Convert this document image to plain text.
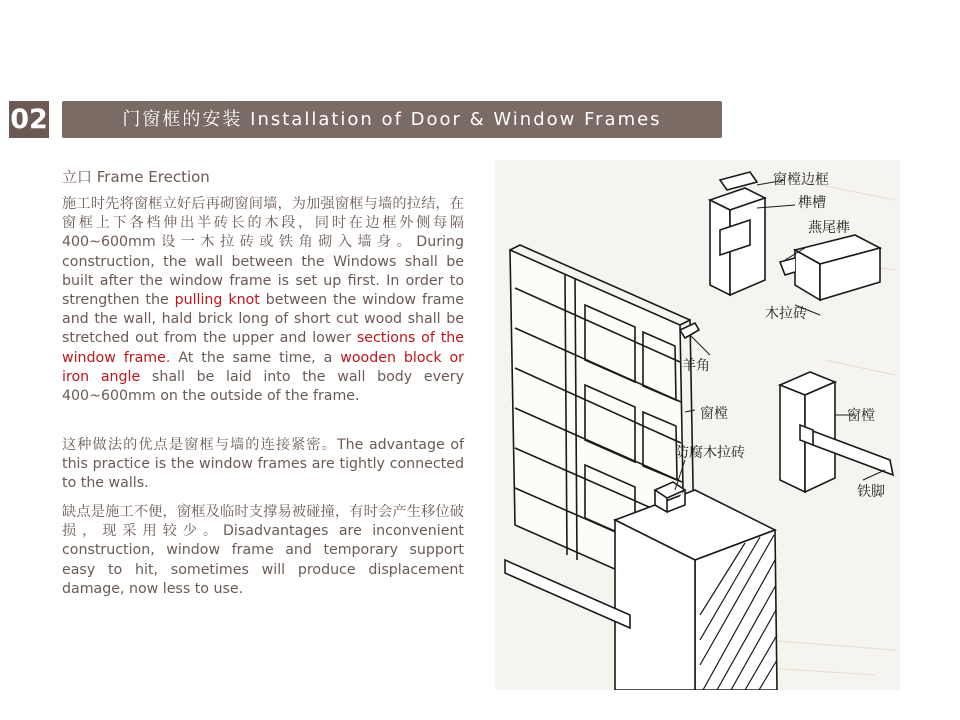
02	门窗框的安装 Installation of Door & Window Frames
立口 Frame Erection

施工时先将窗框立好后再砌窗间墙，为加强窗框与墙的拉结，在窗框上下各档伸出半砖长的木段，同时在边框外侧每隔400~600mm设一木拉砖或铁角砌入墙身。During construction, the wall between the Windows shall be built after the window frame is set up first. In order to strengthen the pulling knot between the window frame and the wall, hald brick long of short cut wood shall be stretched out from the upper and lower sections of the window frame. At the same time, a wooden block or iron angle shall be laid into the wall body every 400~600mm on the outside of the frame.

这种做法的优点是窗框与墙的连接紧密。The advantage of this practice is the window frames are tightly connected to the walls.

缺点是施工不便，窗框及临时支撑易被碰撞，有时会产生移位破损，现采用较少。Disadvantages are inconvenient construction, window frame and temporary support easy to hit, sometimes will produce displacement damage, now less to use.

窗樘边框
榫槽
燕尾榫
木拉砖
羊角
窗樘
防腐木拉砖
窗樘
铁脚
